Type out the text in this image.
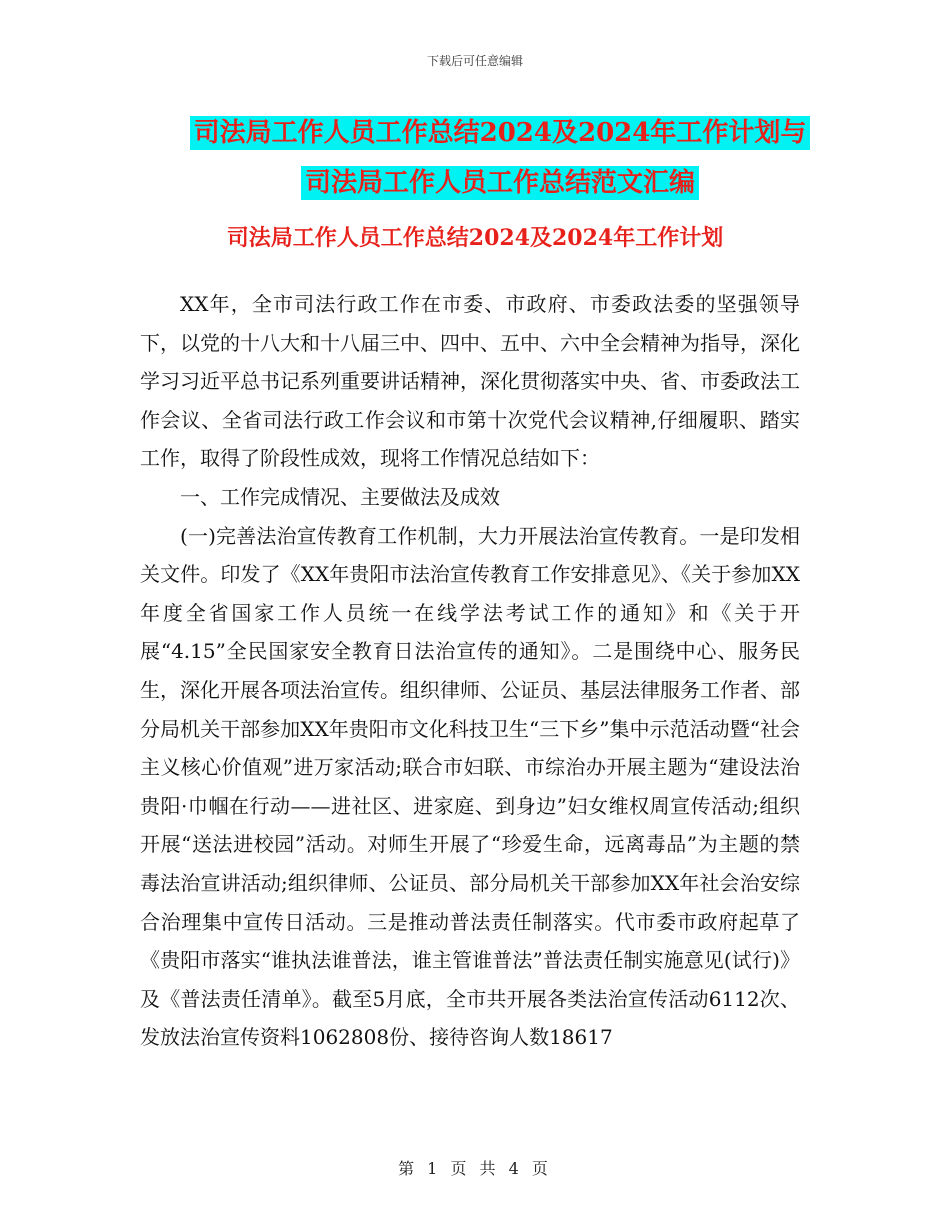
下载后可任意编辑
司法局工作人员工作总结2024及2024年工作计划与
司法局工作人员工作总结范文汇编
司法局工作人员工作总结2024及2024年工作计划

XX年，全市司法行政工作在市委、市政府、市委政法委的坚强领导下，以党的十八大和十八届三中、四中、五中、六中全会精神为指导，深化学习习近平总书记系列重要讲话精神，深化贯彻落实中央、省、市委政法工作会议、全省司法行政工作会议和市第十次党代会议精神,仔细履职、踏实工作，取得了阶段性成效，现将工作情况总结如下：

一、工作完成情况、主要做法及成效

(一)完善法治宣传教育工作机制，大力开展法治宣传教育。一是印发相关文件。印发了《XX年贵阳市法治宣传教育工作安排意见》、《关于参加XX年度全省国家工作人员统一在线学法考试工作的通知》和《关于开展“4.15”全民国家安全教育日法治宣传的通知》。二是围绕中心、服务民生，深化开展各项法治宣传。组织律师、公证员、基层法律服务工作者、部分局机关干部参加XX年贵阳市文化科技卫生“三下乡”集中示范活动暨“社会主义核心价值观”进万家活动;联合市妇联、市综治办开展主题为“建设法治贵阳·巾帼在行动——进社区、进家庭、到身边”妇女维权周宣传活动;组织开展“送法进校园”活动。对师生开展了“珍爱生命，远离毒品”为主题的禁毒法治宣讲活动;组织律师、公证员、部分局机关干部参加XX年社会治安综合治理集中宣传日活动。三是推动普法责任制落实。代市委市政府起草了《贵阳市落实“谁执法谁普法，谁主管谁普法”普法责任制实施意见(试行)》及《普法责任清单》。截至5月底，全市共开展各类法治宣传活动6112次、发放法治宣传资料1062808份、接待咨询人数18617

第 1 页 共 4 页
